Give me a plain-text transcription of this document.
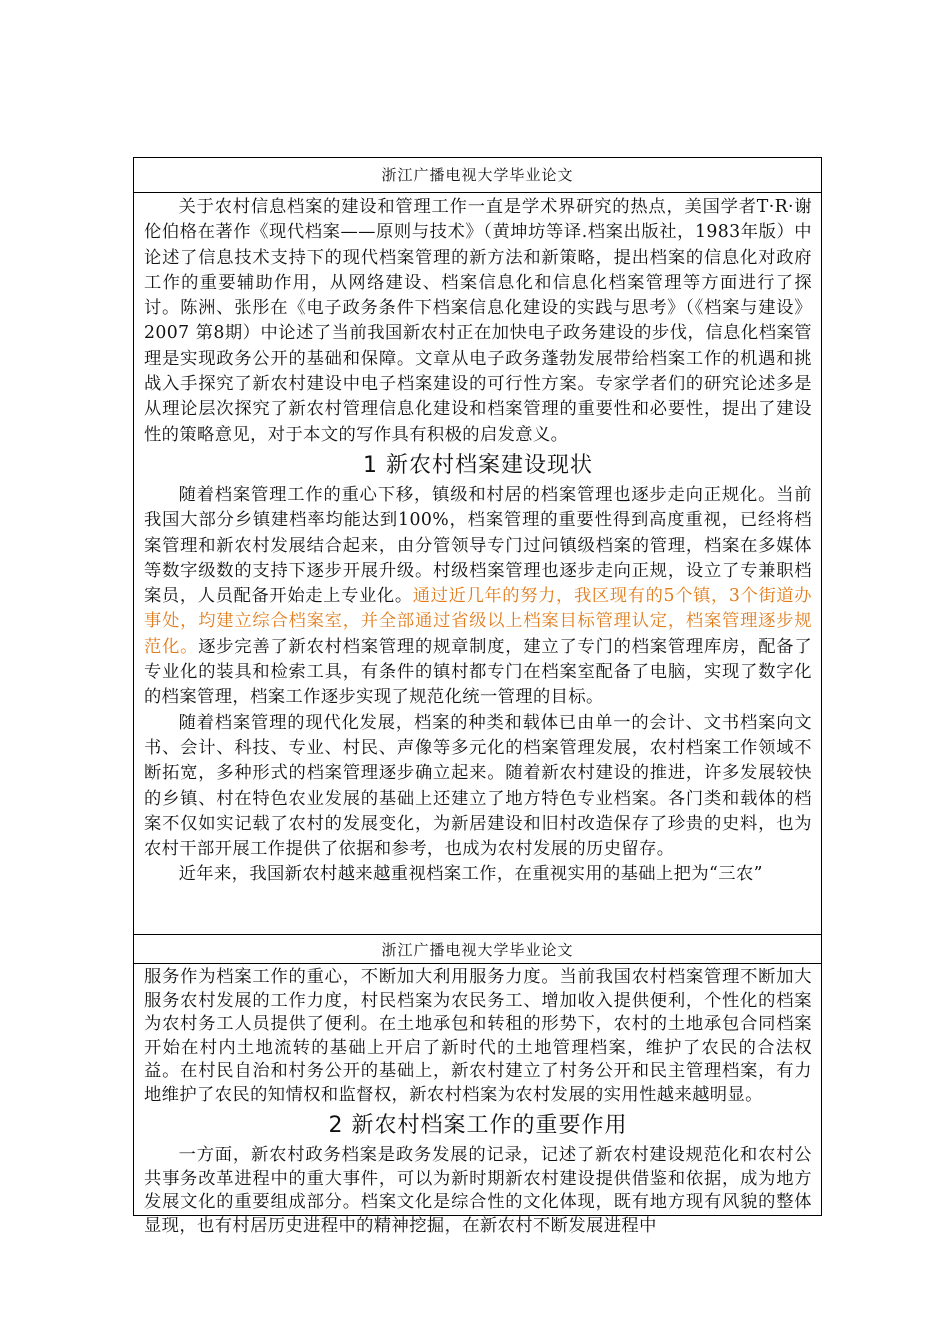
浙江广播电视大学毕业论文

关于农村信息档案的建设和管理工作一直是学术界研究的热点，美国学者T·R·谢伦伯格在著作《现代档案——原则与技术》（黄坤坊等译.档案出版社，1983年版）中论述了信息技术支持下的现代档案管理的新方法和新策略，提出档案的信息化对政府工作的重要辅助作用，从网络建设、档案信息化和信息化档案管理等方面进行了探讨。陈洲、张彤在《电子政务条件下档案信息化建设的实践与思考》（《档案与建设》 2007 第8期）中论述了当前我国新农村正在加快电子政务建设的步伐，信息化档案管理是实现政务公开的基础和保障。文章从电子政务蓬勃发展带给档案工作的机遇和挑战入手探究了新农村建设中电子档案建设的可行性方案。专家学者们的研究论述多是从理论层次探究了新农村管理信息化建设和档案管理的重要性和必要性，提出了建设性的策略意见，对于本文的写作具有积极的启发意义。

1 新农村档案建设现状

随着档案管理工作的重心下移，镇级和村居的档案管理也逐步走向正规化。当前我国大部分乡镇建档率均能达到100%，档案管理的重要性得到高度重视，已经将档案管理和新农村发展结合起来，由分管领导专门过问镇级档案的管理，档案在多媒体等数字级数的支持下逐步开展升级。村级档案管理也逐步走向正规，设立了专兼职档案员，人员配备开始走上专业化。通过近几年的努力，我区现有的5个镇，3个街道办事处，均建立综合档案室，并全部通过省级以上档案目标管理认定，档案管理逐步规范化。逐步完善了新农村档案管理的规章制度，建立了专门的档案管理库房，配备了专业化的装具和检索工具，有条件的镇村都专门在档案室配备了电脑，实现了数字化的档案管理，档案工作逐步实现了规范化统一管理的目标。

随着档案管理的现代化发展，档案的种类和载体已由单一的会计、文书档案向文书、会计、科技、专业、村民、声像等多元化的档案管理发展，农村档案工作领域不断拓宽，多种形式的档案管理逐步确立起来。随着新农村建设的推进，许多发展较快的乡镇、村在特色农业发展的基础上还建立了地方特色专业档案。各门类和载体的档案不仅如实记载了农村的发展变化，为新居建设和旧村改造保存了珍贵的史料，也为农村干部开展工作提供了依据和参考，也成为农村发展的历史留存。

近年来，我国新农村越来越重视档案工作，在重视实用的基础上把为“三农”

浙江广播电视大学毕业论文

服务作为档案工作的重心，不断加大利用服务力度。当前我国农村档案管理不断加大服务农村发展的工作力度，村民档案为农民务工、增加收入提供便利，个性化的档案为农村务工人员提供了便利。在土地承包和转租的形势下，农村的土地承包合同档案开始在村内土地流转的基础上开启了新时代的土地管理档案，维护了农民的合法权益。在村民自治和村务公开的基础上，新农村建立了村务公开和民主管理档案，有力地维护了农民的知情权和监督权，新农村档案为农村发展的实用性越来越明显。

2 新农村档案工作的重要作用

一方面，新农村政务档案是政务发展的记录，记述了新农村建设规范化和农村公共事务改革进程中的重大事件，可以为新时期新农村建设提供借鉴和依据，成为地方发展文化的重要组成部分。档案文化是综合性的文化体现，既有地方现有风貌的整体显现，也有村居历史进程中的精神挖掘，在新农村不断发展进程中
